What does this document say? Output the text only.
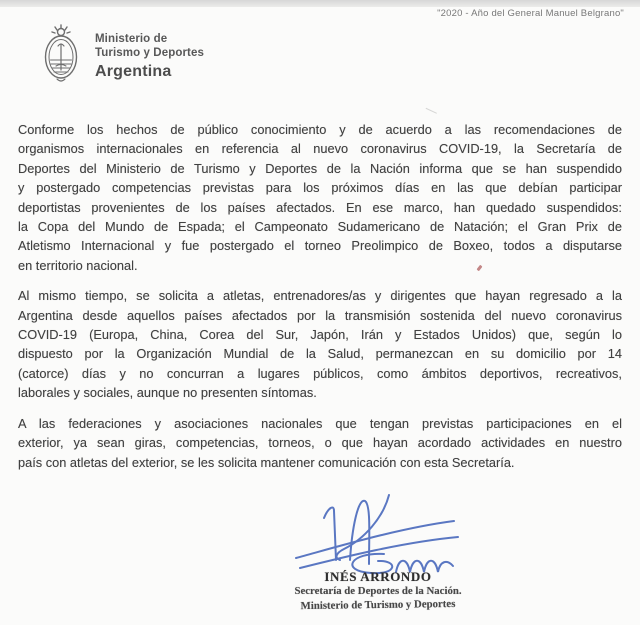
Ministerio de
Turismo y Deportes
Argentina
"2020 - Año del General Manuel Belgrano"
Conforme los hechos de público conocimiento y de acuerdo a las recomendaciones de
organismos internacionales en referencia al nuevo coronavirus COVID-19, la Secretaría de
Deportes del Ministerio de Turismo y Deportes de la Nación informa que se han suspendido
y postergado competencias previstas para los próximos días en las que debían participar
deportistas provenientes de los países afectados. En ese marco, han quedado suspendidos:
la Copa del Mundo de Espada; el Campeonato Sudamericano de Natación; el Gran Prix de
Atletismo Internacional y fue postergado el torneo Preolimpico de Boxeo, todos a disputarse
en territorio nacional.
Al mismo tiempo, se solicita a atletas, entrenadores/as y dirigentes que hayan regresado a la
Argentina desde aquellos países afectados por la transmisión sostenida del nuevo coronavirus
COVID-19 (Europa, China, Corea del Sur, Japón, Irán y Estados Unidos) que, según lo
dispuesto por la Organización Mundial de la Salud, permanezcan en su domicilio por 14
(catorce) días y no concurran a lugares públicos, como ámbitos deportivos, recreativos,
laborales y sociales, aunque no presenten síntomas.
A las federaciones y asociaciones nacionales que tengan previstas participaciones en el
exterior, ya sean giras, competencias, torneos, o que hayan acordado actividades en nuestro
país con atletas del exterior, se les solicita mantener comunicación con esta Secretaría.
INÉS ARRONDO
Secretaría de Deportes de la Nación.
Ministerio de Turismo y Deportes
